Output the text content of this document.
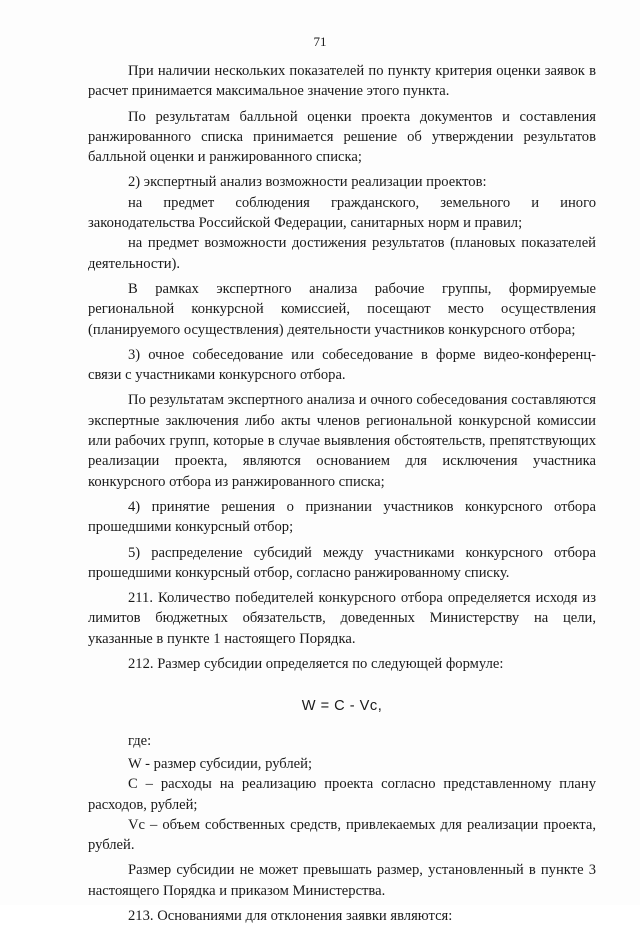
71

При наличии нескольких показателей по пункту критерия оценки заявок в расчет принимается максимальное значение этого пункта.

По результатам балльной оценки проекта документов и составления ранжированного списка принимается решение об утверждении результатов балльной оценки и ранжированного списка;

2) экспертный анализ возможности реализации проектов:

на предмет соблюдения гражданского, земельного и иного законодательства Российской Федерации, санитарных норм и правил;

на предмет возможности достижения результатов (плановых показателей деятельности).

В рамках экспертного анализа рабочие группы, формируемые региональной конкурсной комиссией, посещают место осуществления (планируемого осуществления) деятельности участников конкурсного отбора;

3) очное собеседование или собеседование в форме видео-конференц-связи с участниками конкурсного отбора.

По результатам экспертного анализа и очного собеседования составляются экспертные заключения либо акты членов региональной конкурсной комиссии или рабочих групп, которые в случае выявления обстоятельств, препятствующих реализации проекта, являются основанием для исключения участника конкурсного отбора из ранжированного списка;

4) принятие решения о признании участников конкурсного отбора прошедшими конкурсный отбор;

5) распределение субсидий между участниками конкурсного отбора прошедшими конкурсный отбор, согласно ранжированному списку.

211. Количество победителей конкурсного отбора определяется исходя из лимитов бюджетных обязательств, доведенных Министерству на цели, указанные в пункте 1 настоящего Порядка.

212. Размер субсидии определяется по следующей формуле:

W = C - Vc,

где:

W - размер субсидии, рублей;

С – расходы на реализацию проекта согласно представленному плану расходов, рублей;

Vc – объем собственных средств, привлекаемых для реализации проекта, рублей.

Размер субсидии не может превышать размер, установленный в пункте 3 настоящего Порядка и приказом Министерства.

213. Основаниями для отклонения заявки являются:
